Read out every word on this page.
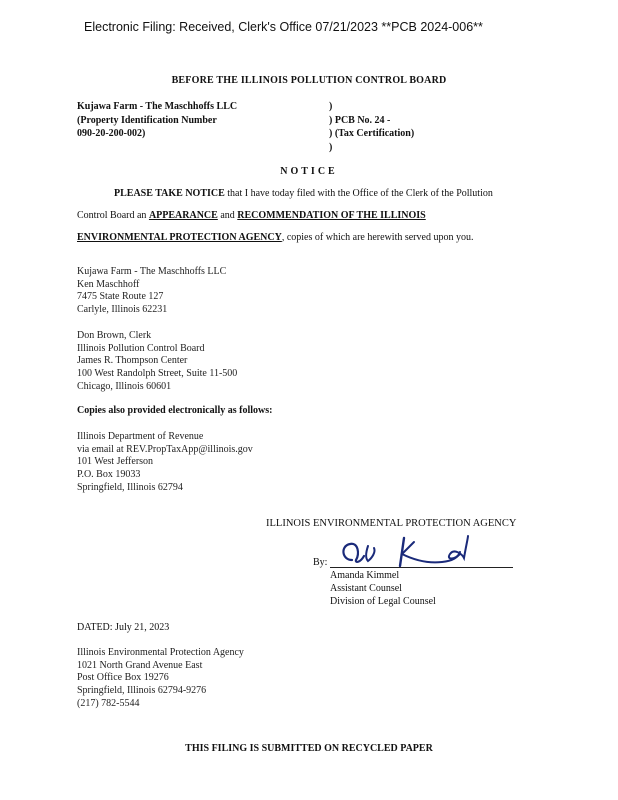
Electronic Filing: Received, Clerk's Office 07/21/2023 **PCB 2024-006**
BEFORE THE ILLINOIS POLLUTION CONTROL BOARD
Kujawa Farm - The Maschhoffs LLC
(Property Identification Number
090-20-200-002)
)
) PCB No. 24 -
) (Tax Certification)
)
NOTICE
PLEASE TAKE NOTICE that I have today filed with the Office of the Clerk of the Pollution
Control Board an APPEARANCE and RECOMMENDATION OF THE ILLINOIS
ENVIRONMENTAL PROTECTION AGENCY, copies of which are herewith served upon you.
Kujawa Farm - The Maschhoffs LLC
Ken Maschhoff
7475 State Route 127
Carlyle, Illinois 62231
Don Brown, Clerk
Illinois Pollution Control Board
James R. Thompson Center
100 West Randolph Street, Suite 11-500
Chicago, Illinois 60601
Copies also provided electronically as follows:
Illinois Department of Revenue
via email at REV.PropTaxApp@illinois.gov
101 West Jefferson
P.O. Box 19033
Springfield, Illinois 62794
ILLINOIS ENVIRONMENTAL PROTECTION AGENCY
By:
Amanda Kimmel
Assistant Counsel
Division of Legal Counsel
DATED: July 21, 2023
Illinois Environmental Protection Agency
1021 North Grand Avenue East
Post Office Box 19276
Springfield, Illinois 62794-9276
(217) 782-5544
THIS FILING IS SUBMITTED ON RECYCLED PAPER
